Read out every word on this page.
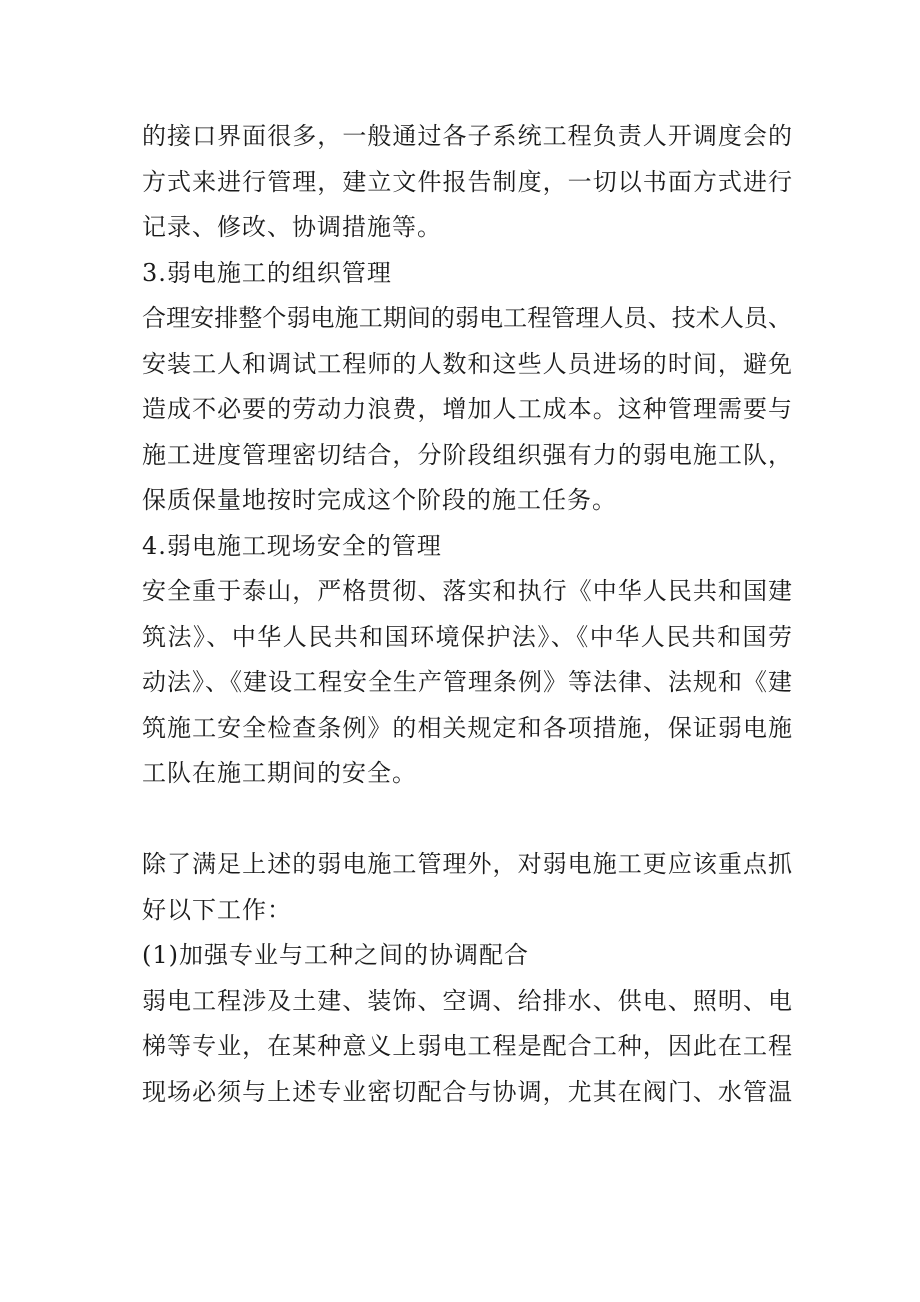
的接口界面很多，一般通过各子系统工程负责人开调度会的
方式来进行管理，建立文件报告制度，一切以书面方式进行
记录、修改、协调措施等。
3.弱电施工的组织管理
合理安排整个弱电施工期间的弱电工程管理人员、技术人员、
安装工人和调试工程师的人数和这些人员进场的时间，避免
造成不必要的劳动力浪费，增加人工成本。这种管理需要与
施工进度管理密切结合，分阶段组织强有力的弱电施工队，
保质保量地按时完成这个阶段的施工任务。
4.弱电施工现场安全的管理
安全重于泰山，严格贯彻、落实和执行《中华人民共和国建
筑法》、中华人民共和国环境保护法》、《中华人民共和国劳
动法》、《建设工程安全生产管理条例》等法律、法规和《建
筑施工安全检查条例》的相关规定和各项措施，保证弱电施
工队在施工期间的安全。
除了满足上述的弱电施工管理外，对弱电施工更应该重点抓
好以下工作：
(1)加强专业与工种之间的协调配合
弱电工程涉及土建、装饰、空调、给排水、供电、照明、电
梯等专业，在某种意义上弱电工程是配合工种，因此在工程
现场必须与上述专业密切配合与协调，尤其在阀门、水管温
